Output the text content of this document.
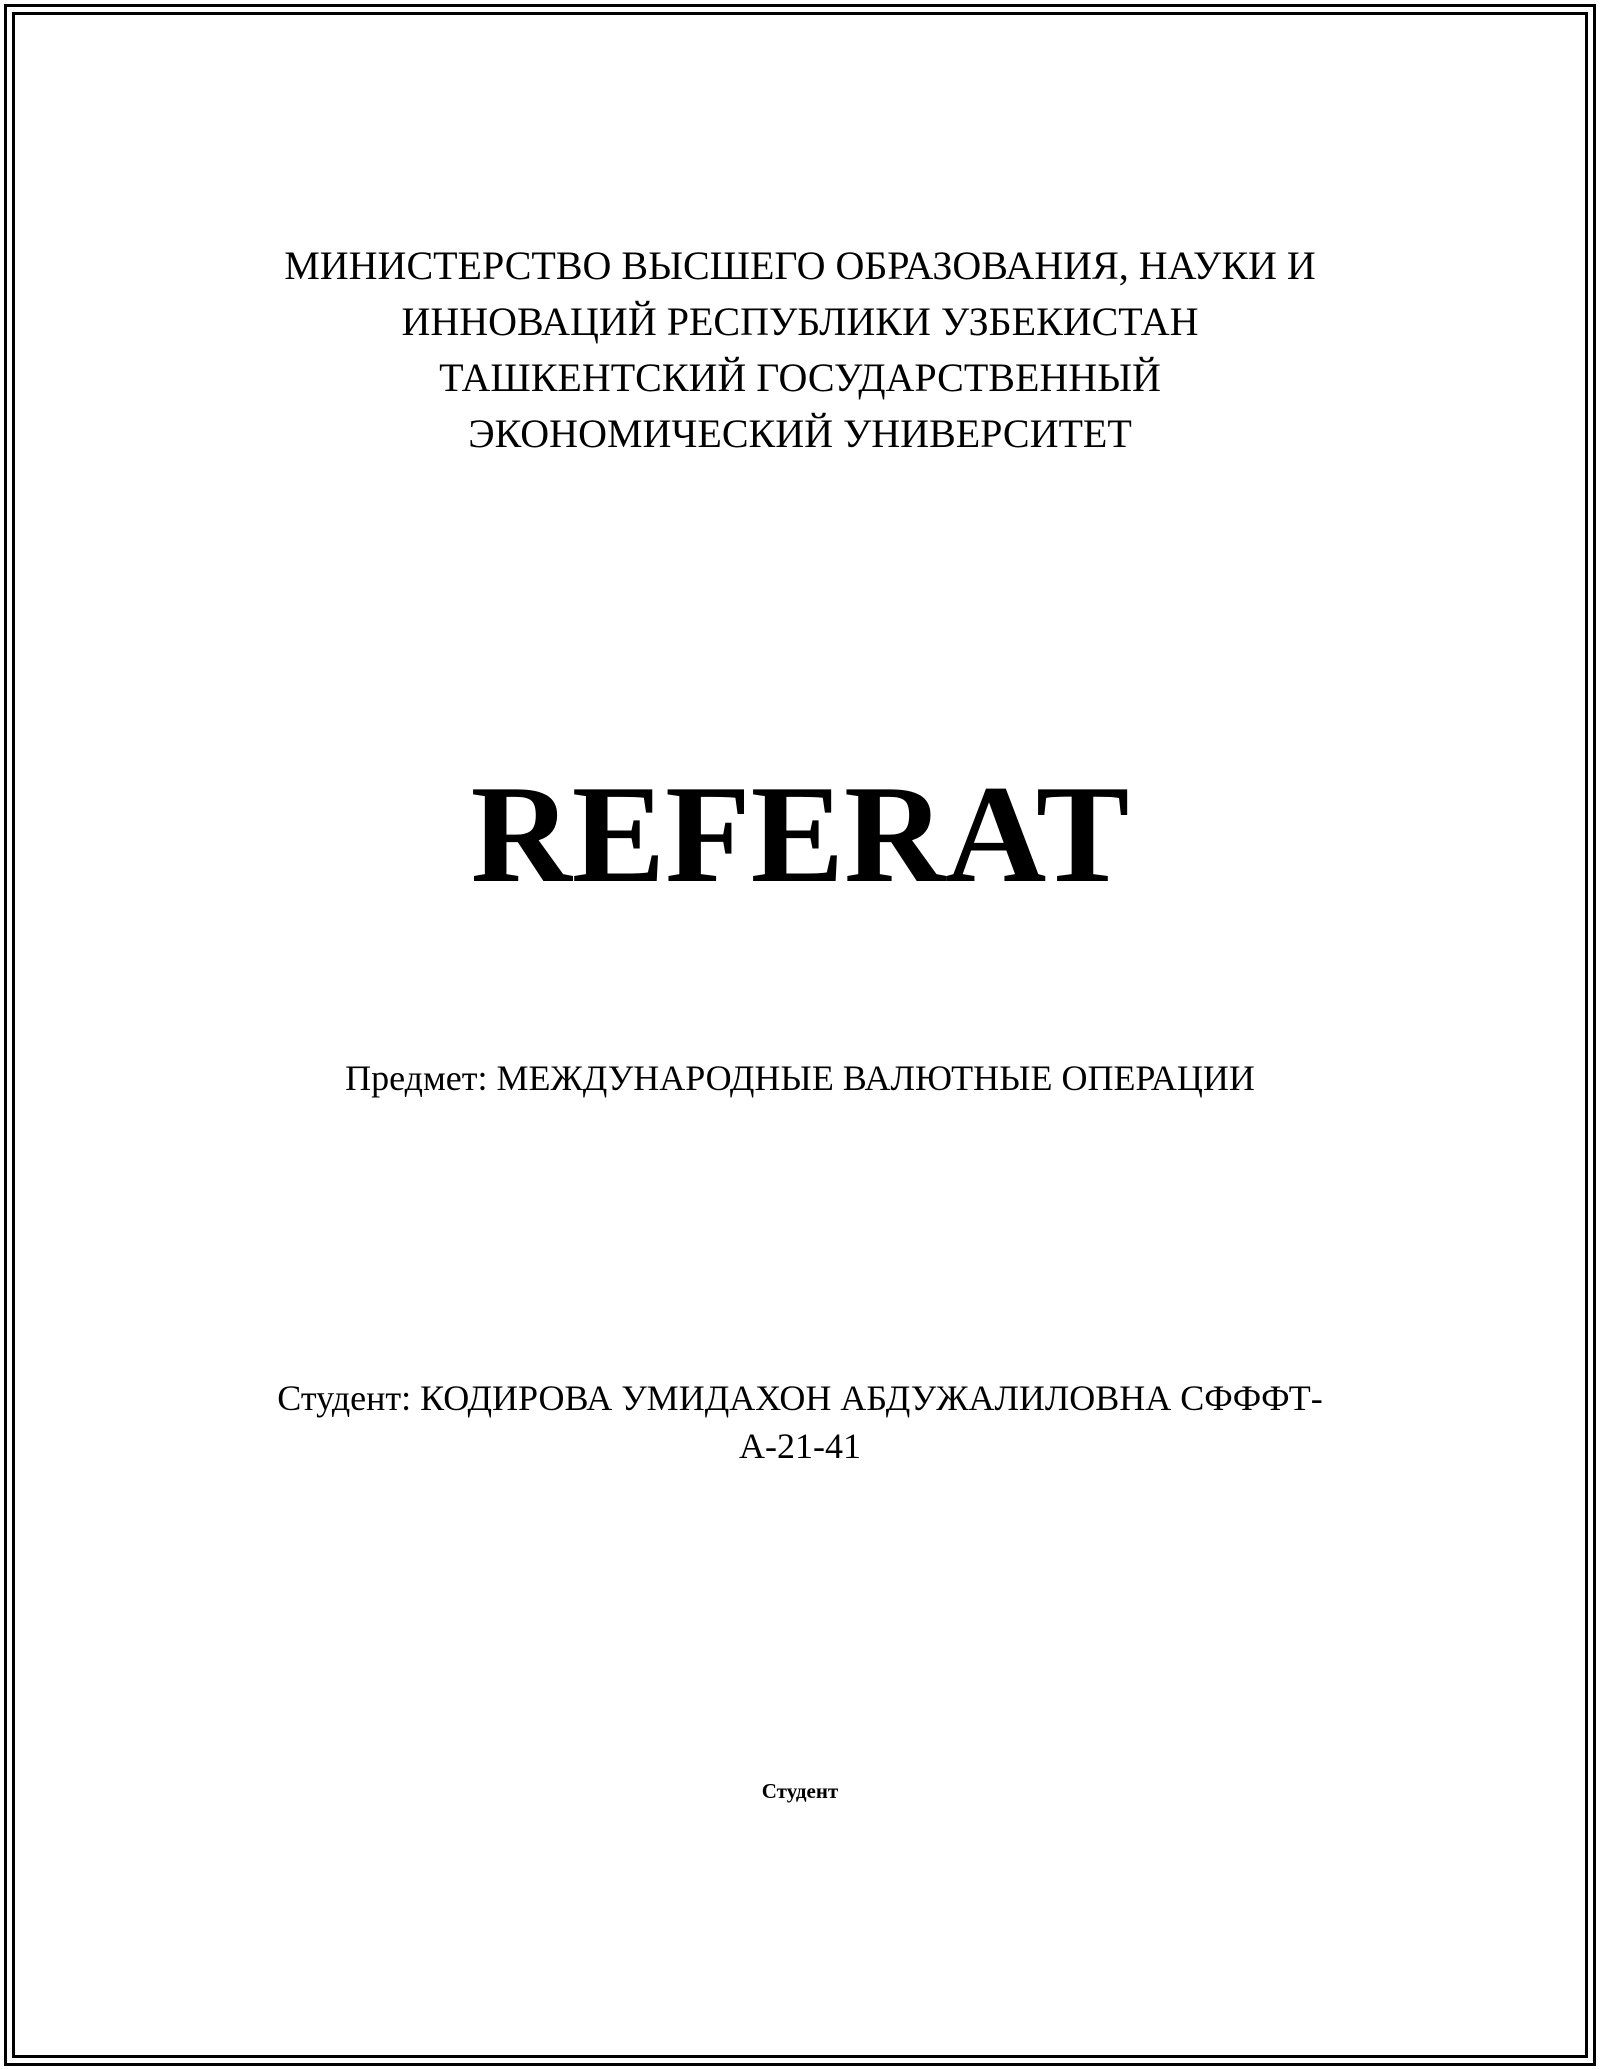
МИНИСТЕРСТВО ВЫСШЕГО ОБРАЗОВАНИЯ, НАУКИ И
ИННОВАЦИЙ РЕСПУБЛИКИ УЗБЕКИСТАН
ТАШКЕНТСКИЙ ГОСУДАРСТВЕННЫЙ
ЭКОНОМИЧЕСКИЙ УНИВЕРСИТЕТ
REFERAT

Предмет: МЕЖДУНАРОДНЫЕ ВАЛЮТНЫЕ ОПЕРАЦИИ

Студент: КОДИРОВА УМИДАХОН АБДУЖАЛИЛОВНА СФФФТ-
А-21-41

Студент
